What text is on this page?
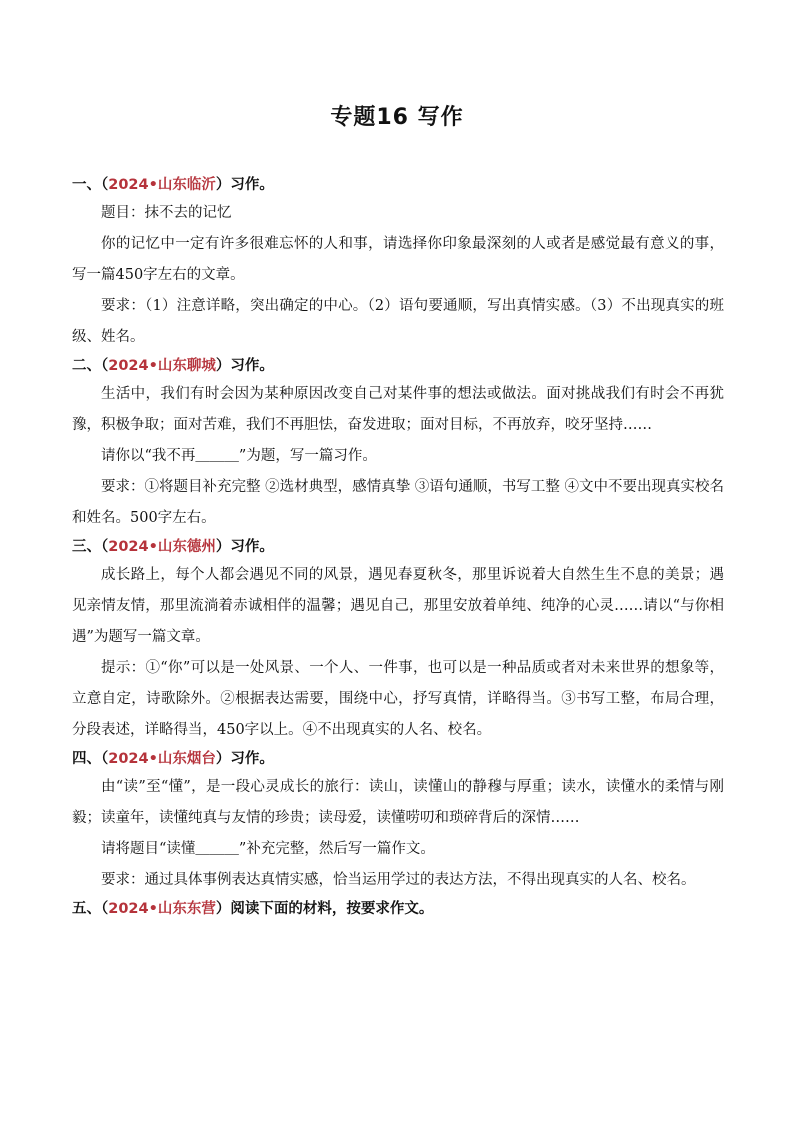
专题16 写作

一、（2024•山东临沂）习作。

题目：抹不去的记忆

你的记忆中一定有许多很难忘怀的人和事，请选择你印象最深刻的人或者是感觉最有意义的事，写一篇450字左右的文章。

要求：（1）注意详略，突出确定的中心。（2）语句要通顺，写出真情实感。（3）不出现真实的班级、姓名。

二、（2024•山东聊城）习作。

生活中，我们有时会因为某种原因改变自己对某件事的想法或做法。面对挑战我们有时会不再犹豫，积极争取；面对苦难，我们不再胆怯，奋发进取；面对目标，不再放弃，咬牙坚持……

请你以“我不再＿＿＿”为题，写一篇习作。

要求：①将题目补充完整 ②选材典型，感情真挚 ③语句通顺，书写工整 ④文中不要出现真实校名和姓名。500字左右。

三、（2024•山东德州）习作。

成长路上，每个人都会遇见不同的风景，遇见春夏秋冬，那里诉说着大自然生生不息的美景；遇见亲情友情，那里流淌着赤诚相伴的温馨；遇见自己，那里安放着单纯、纯净的心灵……请以“与你相遇”为题写一篇文章。

提示：①“你”可以是一处风景、一个人、一件事，也可以是一种品质或者对未来世界的想象等，立意自定，诗歌除外。②根据表达需要，围绕中心，抒写真情，详略得当。③书写工整，布局合理，分段表述，详略得当，450字以上。④不出现真实的人名、校名。

四、（2024•山东烟台）习作。

由“读”至“懂”，是一段心灵成长的旅行：读山，读懂山的静穆与厚重；读水，读懂水的柔情与刚毅；读童年，读懂纯真与友情的珍贵；读母爱，读懂唠叨和琐碎背后的深情……

请将题目“读懂＿＿＿”补充完整，然后写一篇作文。

要求：通过具体事例表达真情实感，恰当运用学过的表达方法，不得出现真实的人名、校名。

五、（2024•山东东营）阅读下面的材料，按要求作文。
